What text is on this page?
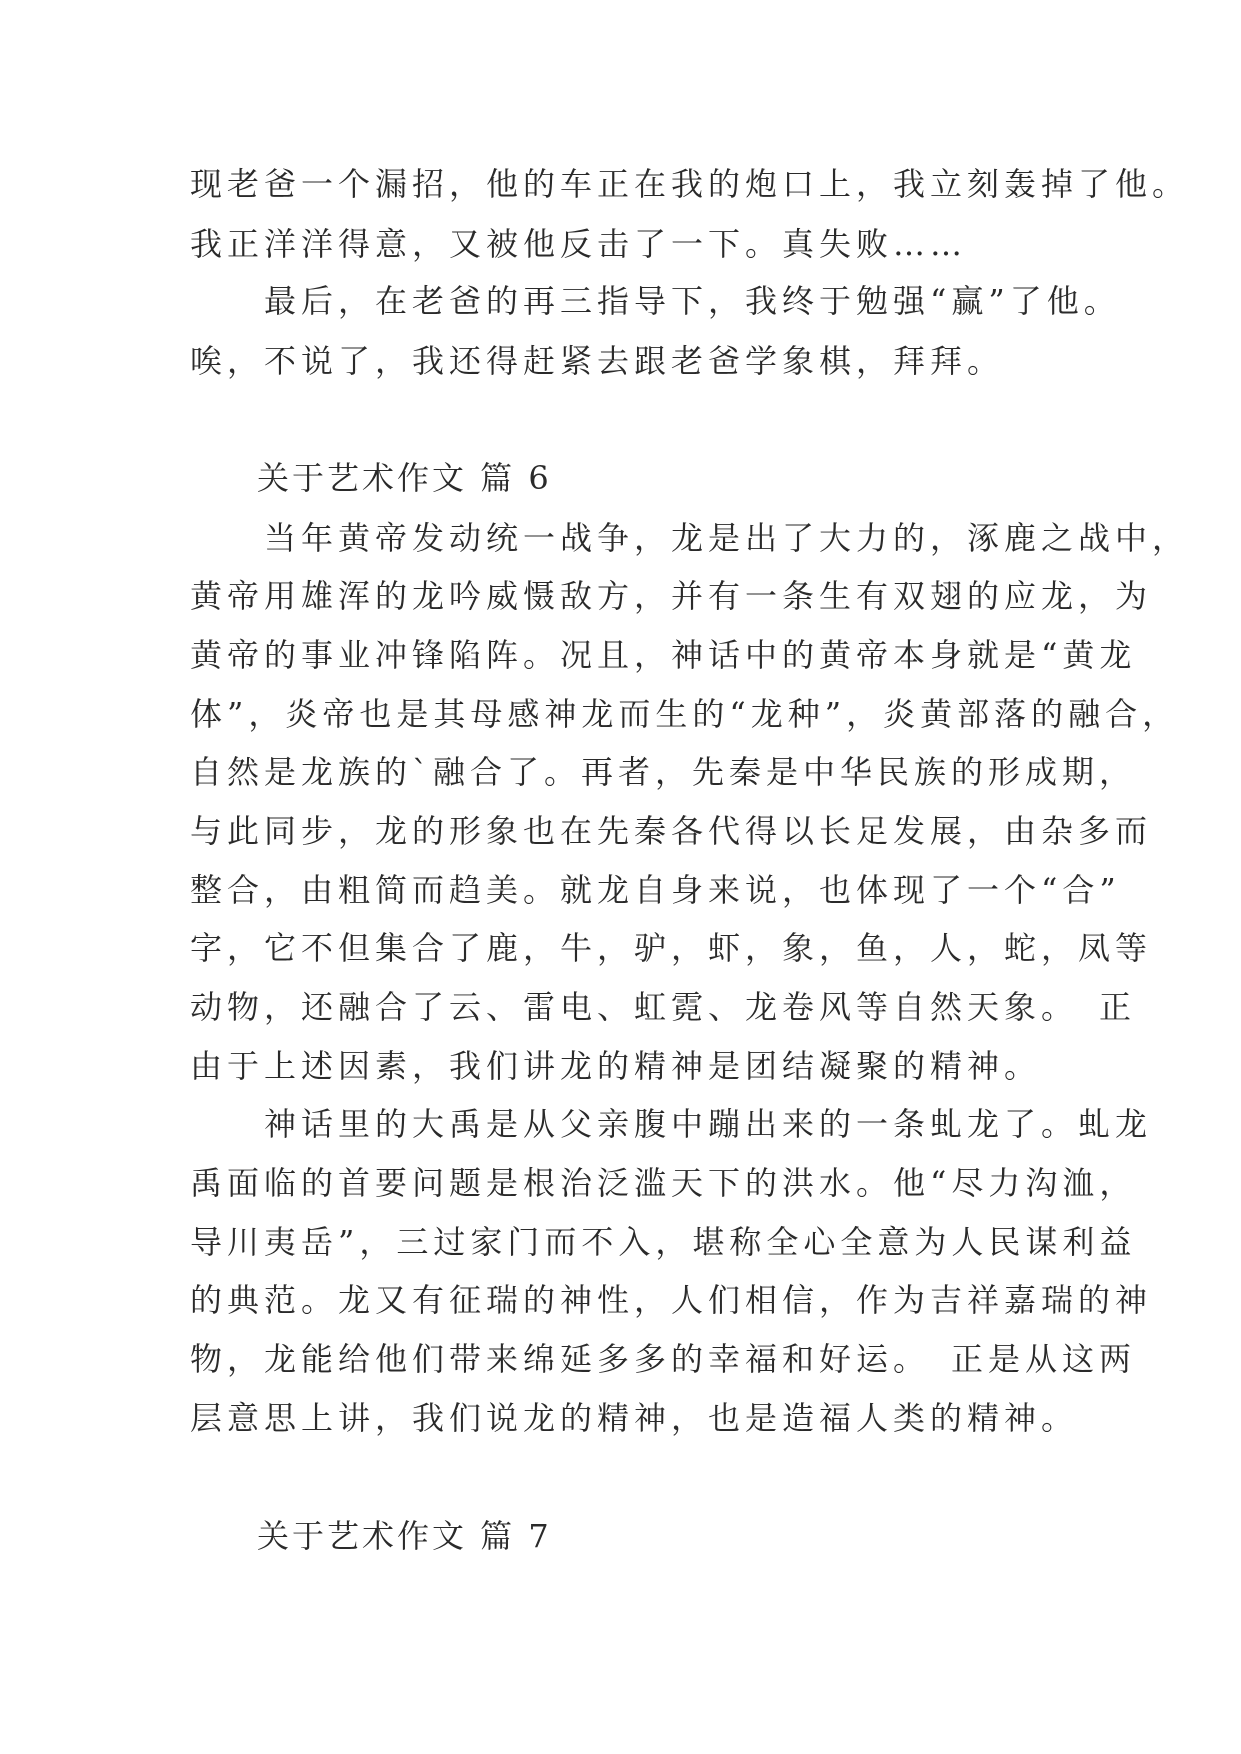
现老爸一个漏招，他的车正在我的炮口上，我立刻轰掉了他。
我正洋洋得意，又被他反击了一下。真失败……
　　最后，在老爸的再三指导下，我终于勉强“赢”了他。
唉，不说了，我还得赶紧去跟老爸学象棋，拜拜。
关于艺术作文 篇 6
　　当年黄帝发动统一战争，龙是出了大力的，涿鹿之战中，
黄帝用雄浑的龙吟威慑敌方，并有一条生有双翅的应龙，为
黄帝的事业冲锋陷阵。况且，神话中的黄帝本身就是“黄龙
体”，炎帝也是其母感神龙而生的“龙种”，炎黄部落的融合，
自然是龙族的`融合了。再者，先秦是中华民族的形成期，
与此同步，龙的形象也在先秦各代得以长足发展，由杂多而
整合，由粗简而趋美。就龙自身来说，也体现了一个“合”
字，它不但集合了鹿，牛，驴，虾，象，鱼，人，蛇，凤等
动物，还融合了云、雷电、虹霓、龙卷风等自然天象。　正
由于上述因素，我们讲龙的精神是团结凝聚的精神。
　　神话里的大禹是从父亲腹中蹦出来的一条虬龙了。虬龙
禹面临的首要问题是根治泛滥天下的洪水。他“尽力沟洫，
导川夷岳”，三过家门而不入，堪称全心全意为人民谋利益
的典范。龙又有征瑞的神性，人们相信，作为吉祥嘉瑞的神
物，龙能给他们带来绵延多多的幸福和好运。　正是从这两
层意思上讲，我们说龙的精神，也是造福人类的精神。
关于艺术作文 篇 7
